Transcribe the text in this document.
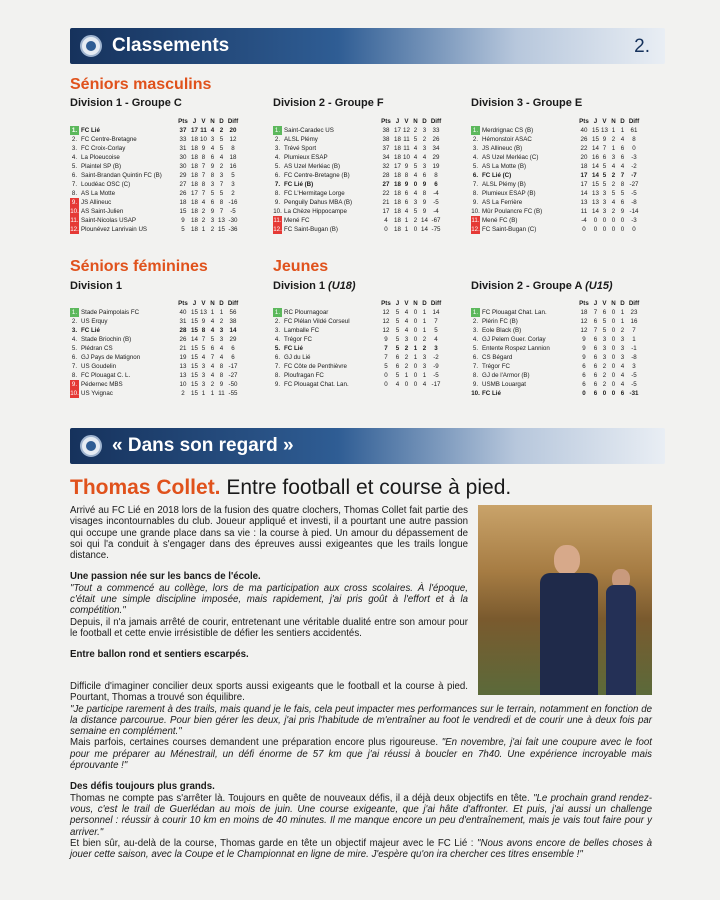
Classements	2.
Séniors masculins
Division 1 - Groupe C	Division 2 - Groupe F	Division 3 - Groupe E
	Pts	J	V	N	D	Diff
1. FC Lié	37	17	11	4	2	20
2. FC Centre-Bretagne	33	18	10	3	5	12
3. FC Croix-Corlay	31	18	9	4	5	8
4. La Ploeucoise	30	18	8	6	4	18
5. Plaintel SP (B)	30	18	7	9	2	16
6. Saint-Brandan Quintin FC (B)	29	18	7	8	3	5
7. Loudéac OSC (C)	27	18	8	3	7	3
8. AS La Motte	26	17	7	5	5	2
9. JS Allineuc	18	18	4	6	8	-16
10. AS Saint-Julien	15	18	2	9	7	-5
11. Saint-Nicolas USAP	9	18	2	3	13	-30
12. Plounévez Lanrivain US	5	18	1	2	15	-36
	Pts	J	V	N	D	Diff
1. Saint-Caradec US	38	17	12	2	3	33
2. ALSL Plémy	38	18	11	5	2	26
3. Trévé Sport	37	18	11	4	3	34
4. Plumieux ESAP	34	18	10	4	4	29
5. AS Uzel Merléac (B)	32	17	9	5	3	19
6. FC Centre-Bretagne (B)	28	18	8	4	6	8
7. FC Lié (B)	27	18	9	0	9	6
8. FC L'Hermitage Lorge	22	18	6	4	8	-4
9. Penguily Dahus MBA (B)	21	18	6	3	9	-5
10. La Chèze Hippocampe	17	18	4	5	9	-4
11. Mené FC	4	18	1	2	14	-67
12. FC Saint-Bugan (B)	0	18	1	0	14	-75
	Pts	J	V	N	D	Diff
1. Merdrignac CS (B)	40	15	13	1	1	61
2. Hémonstoir ASAC	26	15	9	2	4	8
3. JS Allineuc (B)	22	14	7	1	6	0
4. AS Uzel Merléac (C)	20	16	6	3	6	-3
5. AS La Motte (B)	18	14	5	4	4	-2
6. FC Lié (C)	17	14	5	2	7	-7
7. ALSL Plémy (B)	17	15	5	2	8	-27
8. Plumieux ESAP (B)	14	13	3	5	5	-5
9. AS La Ferrière	13	13	3	4	6	-8
10. Mûr Poulancre FC (B)	11	14	3	2	9	-14
11. Mené FC (B)	-4	0	0	0	0	-3
12. FC Saint-Bugan (C)	0	0	0	0	0	0
Séniors féminines	Jeunes
Division 1	Division 1 (U18)	Division 2 - Groupe A (U15)
	Pts	J	V	N	D	Diff
1. Stade Paimpolais FC	40	15	13	1	1	56
2. US Erquy	31	15	9	4	2	38
3. FC Lié	28	15	8	4	3	14
4. Stade Briochin (B)	26	14	7	5	3	29
5. Plédran CS	21	15	5	6	4	6
6. GJ Pays de Matignon	19	15	4	7	4	6
7. US Goudelin	13	15	3	4	8	-17
8. FC Plouagat C. L.	13	15	3	4	8	-27
9. Pédernec MBS	10	15	3	2	9	-50
10. US Yvignac	2	15	1	1	11	-55
	Pts	J	V	N	D	Diff
1. RC Plournagoar	12	5	4	0	1	14
2. FC Plélan Vildé Corseul	12	5	4	0	1	7
3. Lamballe FC	12	5	4	0	1	5
4. Trégor FC	9	5	3	0	2	4
5. FC Lié	7	5	2	1	2	3
6. GJ du Lié	7	6	2	1	3	-2
7. FC Côte de Penthièvre	5	6	2	0	3	-9
8. Ploufragan FC	0	5	1	0	1	-5
9. FC Plouagat Chat. Lan.	0	4	0	0	4	-17
	Pts	J	V	N	D	Diff
1. FC Plouagat Chat. Lan.	18	7	6	0	1	23
2. Plérin FC (B)	12	6	5	0	1	16
3. Eole Black (B)	12	7	5	0	2	7
4. GJ Pelem Guer. Corlay	9	6	3	0	3	1
5. Entente Rospez Lannion	9	6	3	0	3	-1
6. CS Bégard	9	6	3	0	3	-8
7. Trégor FC	6	6	2	0	4	3
8. GJ de l'Armor (B)	6	6	2	0	4	-5
9. USMB Louargat	6	6	2	0	4	-5
10. FC Lié	0	6	0	0	6	-31
« Dans son regard »
Thomas Collet. Entre football et course à pied.

Arrivé au FC Lié en 2018 lors de la fusion des quatre clochers, Thomas Collet fait partie des visages incontournables du club. Joueur appliqué et investi, il a pourtant une autre passion qui occupe une grande place dans sa vie : la course à pied. Un amour du dépassement de soi qui l'a conduit à s'engager dans des épreuves aussi exigeantes que les trails longue distance.

Une passion née sur les bancs de l'école.

"Tout a commencé au collège, lors de ma participation aux cross scolaires. À l'époque, c'était une simple discipline imposée, mais rapidement, j'ai pris goût à l'effort et à la compétition."

Depuis, il n'a jamais arrêté de courir, entretenant une véritable dualité entre son amour pour le football et cette envie irrésistible de défier les sentiers accidentés.

Entre ballon rond et sentiers escarpés.

Difficile d'imaginer concilier deux sports aussi exigeants que le football et la course à pied. Pourtant, Thomas a trouvé son équilibre.

"Je participe rarement à des trails, mais quand je le fais, cela peut impacter mes performances sur le terrain, notamment en fonction de la distance parcourue. Pour bien gérer les deux, j'ai pris l'habitude de m'entraîner au foot le vendredi et de courir une à deux fois par semaine en complément."

Mais parfois, certaines courses demandent une préparation encore plus rigoureuse. "En novembre, j'ai fait une coupure avec le foot pour me préparer au Ménestrail, un défi énorme de 57 km que j'ai réussi à boucler en 7h40. Une expérience incroyable mais éprouvante !"

Des défis toujours plus grands.

Thomas ne compte pas s'arrêter là. Toujours en quête de nouveaux défis, il a déjà deux objectifs en tête. "Le prochain grand rendez-vous, c'est le trail de Guerlédan au mois de juin. Une course exigeante, que j'ai hâte d'affronter. Et puis, j'ai aussi un challenge personnel : réussir à courir 10 km en moins de 40 minutes. Il me manque encore un peu d'entraînement, mais je vais tout faire pour y arriver."

Et bien sûr, au-delà de la course, Thomas garde en tête un objectif majeur avec le FC Lié : "Nous avons encore de belles choses à jouer cette saison, avec la Coupe et le Championnat en ligne de mire. J'espère qu'on ira chercher ces titres ensemble !"
